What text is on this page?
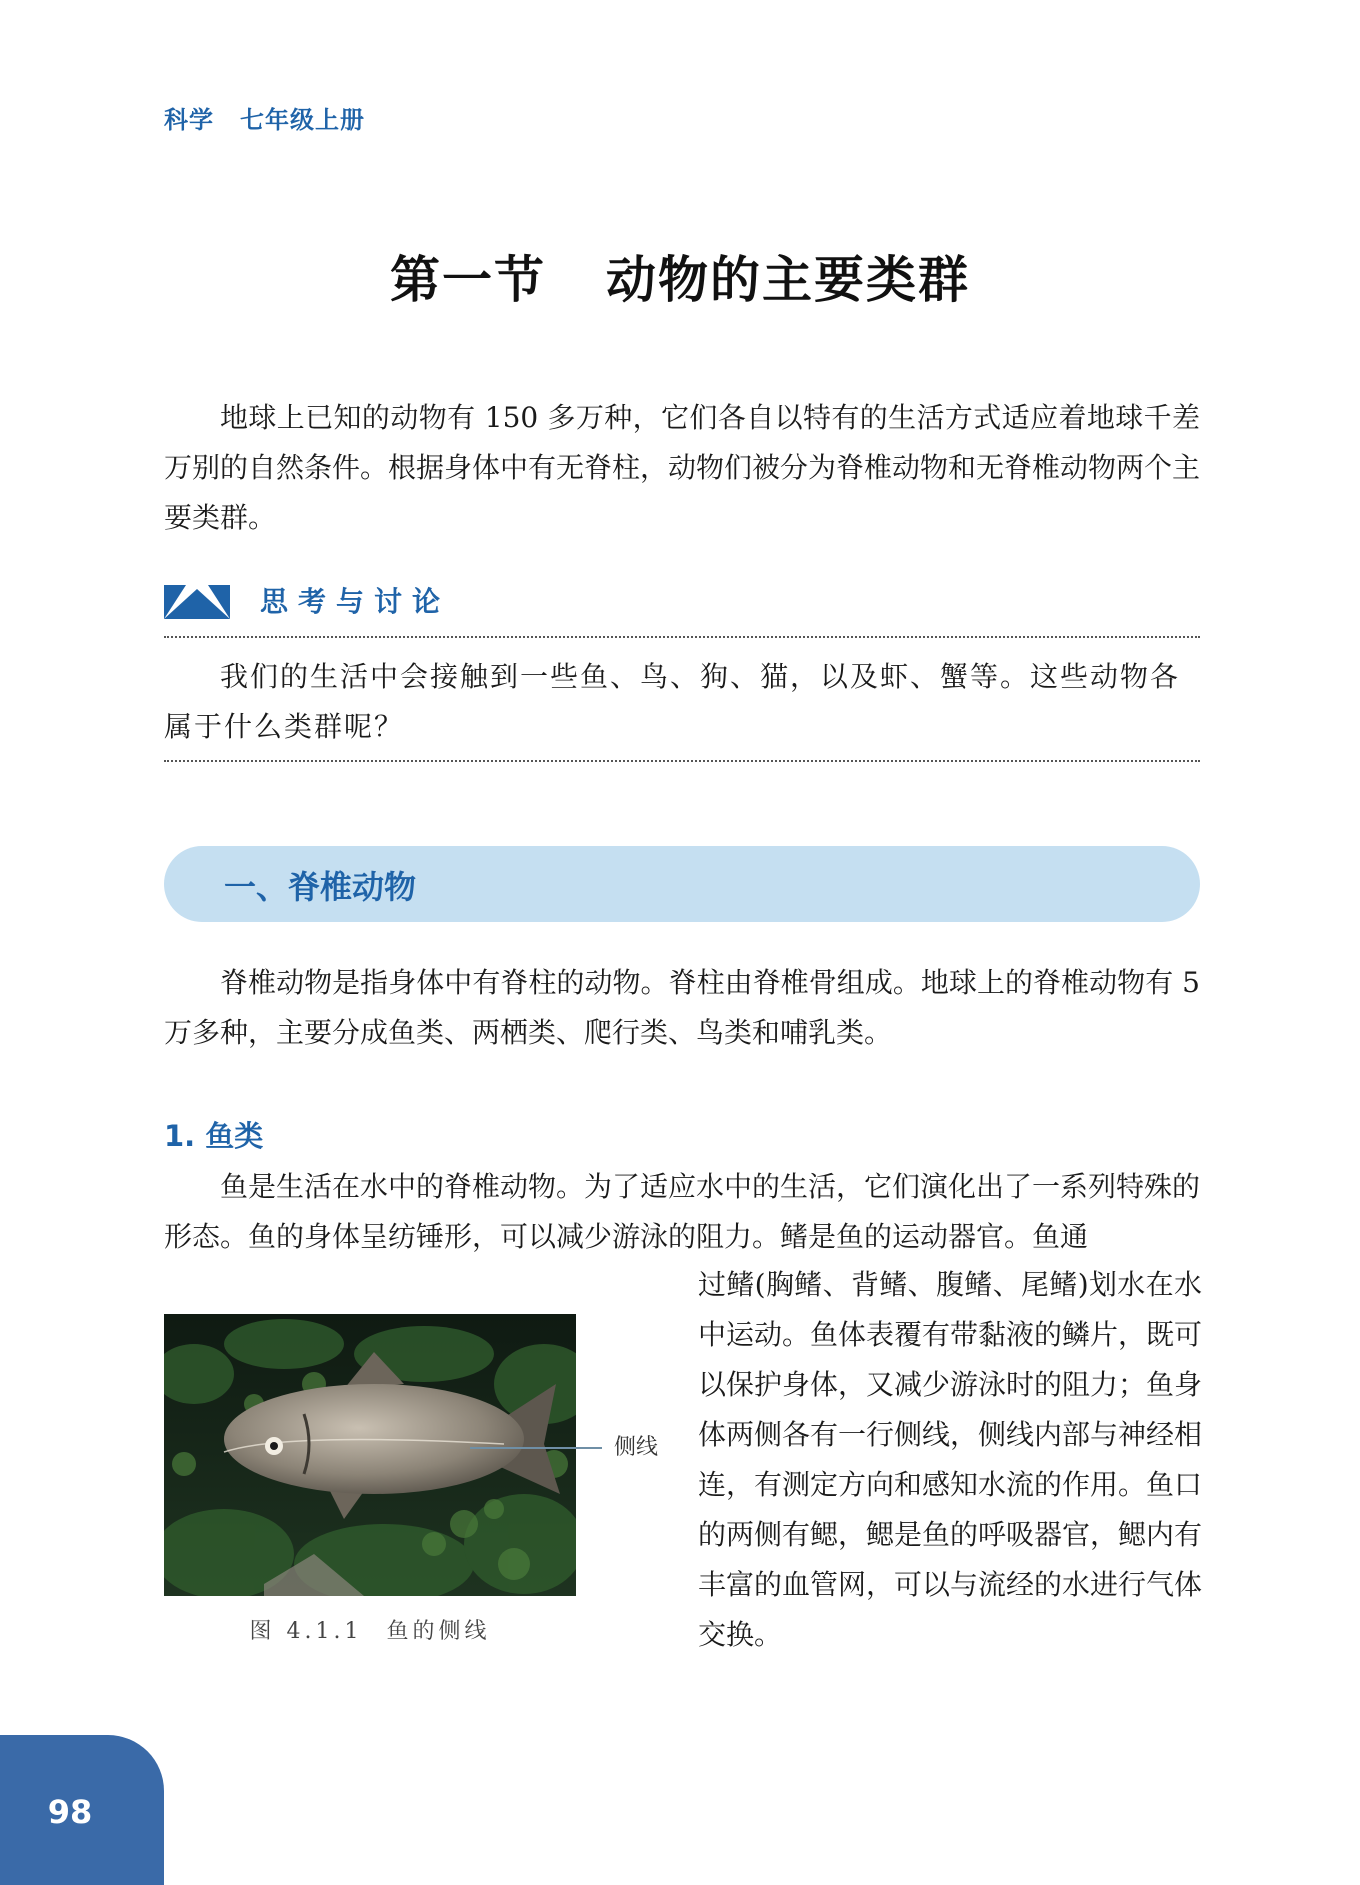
科学 七年级上册
第一节 动物的主要类群

地球上已知的动物有 150 多万种，它们各自以特有的生活方式适应着地球千差万别的自然条件。根据身体中有无脊柱，动物们被分为脊椎动物和无脊椎动物两个主要类群。

思考与讨论

我们的生活中会接触到一些鱼、鸟、狗、猫，以及虾、蟹等。这些动物各属于什么类群呢？

一、脊椎动物

脊椎动物是指身体中有脊柱的动物。脊柱由脊椎骨组成。地球上的脊椎动物有 5 万多种，主要分成鱼类、两栖类、爬行类、鸟类和哺乳类。

1. 鱼类

鱼是生活在水中的脊椎动物。为了适应水中的生活，它们演化出了一系列特殊的形态。鱼的身体呈纺锤形，可以减少游泳的阻力。鳍是鱼的运动器官。鱼通

侧线
图 4.1.1 鱼的侧线

过鳍(胸鳍、背鳍、腹鳍、尾鳍)划水在水中运动。鱼体表覆有带黏液的鳞片，既可以保护身体，又减少游泳时的阻力；鱼身体两侧各有一行侧线，侧线内部与神经相连，有测定方向和感知水流的作用。鱼口的两侧有鳃，鳃是鱼的呼吸器官，鳃内有丰富的血管网，可以与流经的水进行气体交换。

98
